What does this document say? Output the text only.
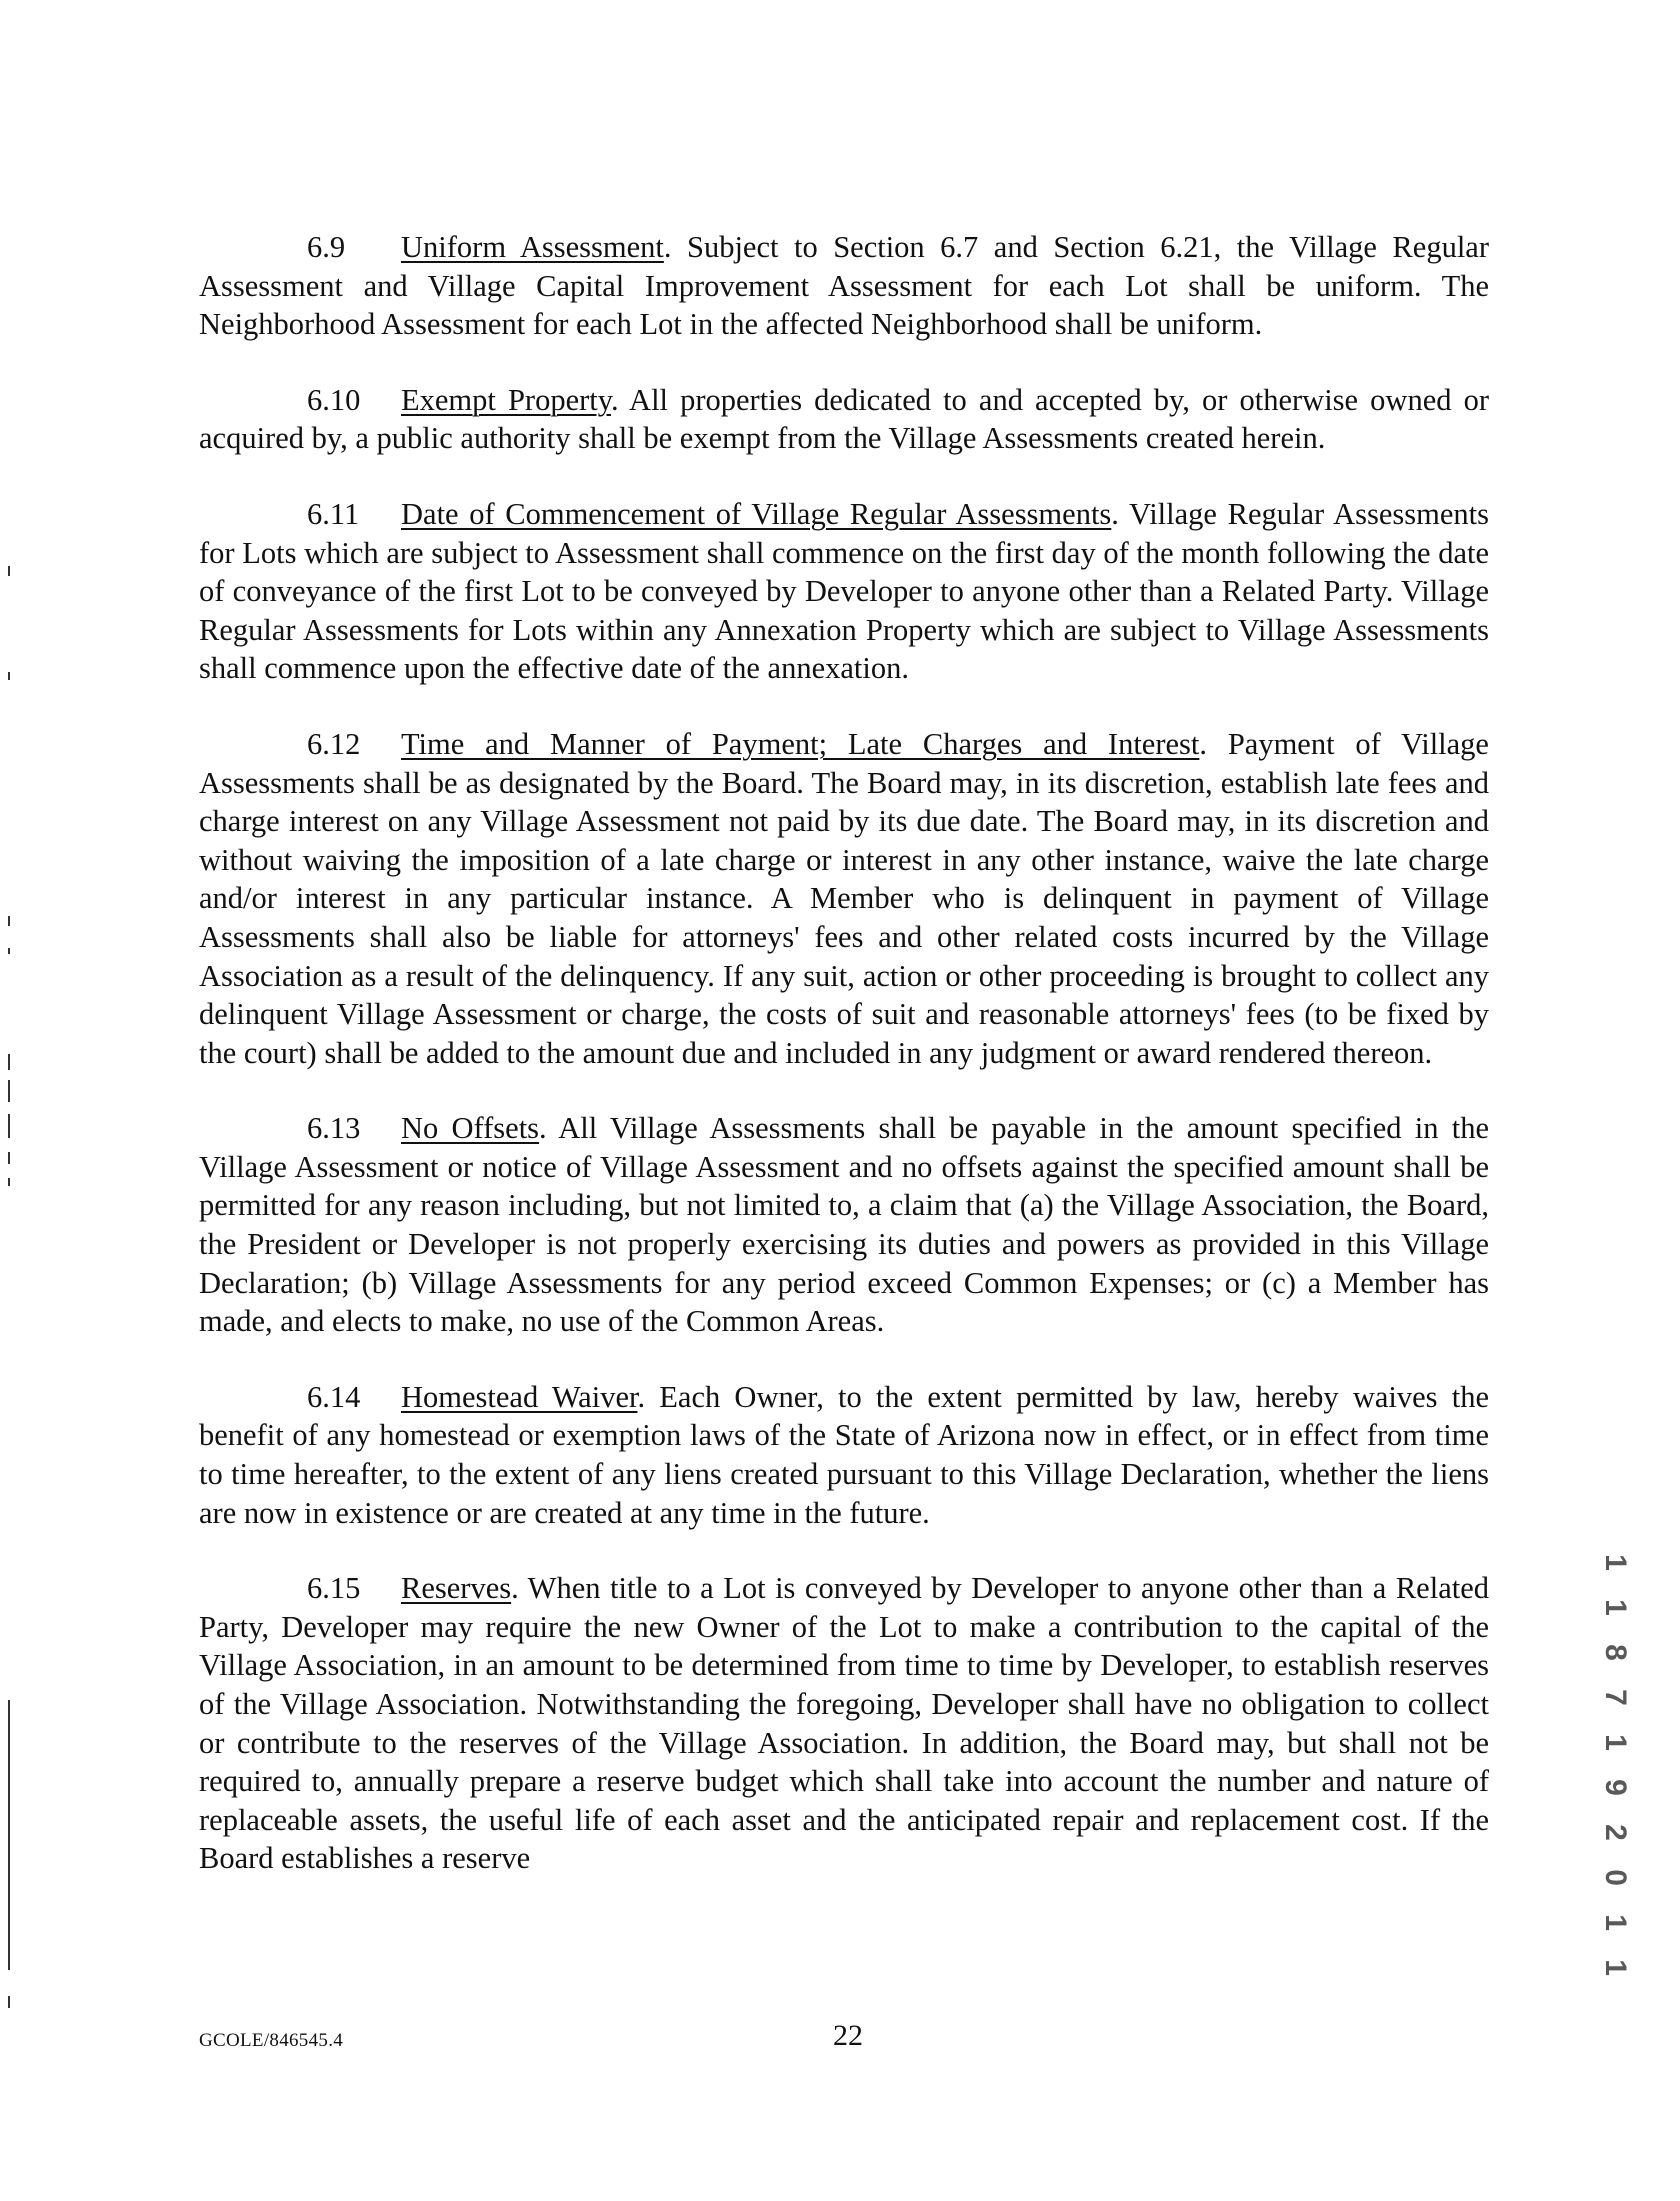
6.9 Uniform Assessment. Subject to Section 6.7 and Section 6.21, the Village Regular Assessment and Village Capital Improvement Assessment for each Lot shall be uniform. The Neighborhood Assessment for each Lot in the affected Neighborhood shall be uniform.

6.10 Exempt Property. All properties dedicated to and accepted by, or otherwise owned or acquired by, a public authority shall be exempt from the Village Assessments created herein.

6.11 Date of Commencement of Village Regular Assessments. Village Regular Assessments for Lots which are subject to Assessment shall commence on the first day of the month following the date of conveyance of the first Lot to be conveyed by Developer to anyone other than a Related Party. Village Regular Assessments for Lots within any Annexation Property which are subject to Village Assessments shall commence upon the effective date of the annexation.

6.12 Time and Manner of Payment; Late Charges and Interest. Payment of Village Assessments shall be as designated by the Board. The Board may, in its discretion, establish late fees and charge interest on any Village Assessment not paid by its due date. The Board may, in its discretion and without waiving the imposition of a late charge or interest in any other instance, waive the late charge and/or interest in any particular instance. A Member who is delinquent in payment of Village Assessments shall also be liable for attorneys' fees and other related costs incurred by the Village Association as a result of the delinquency. If any suit, action or other proceeding is brought to collect any delinquent Village Assessment or charge, the costs of suit and reasonable attorneys' fees (to be fixed by the court) shall be added to the amount due and included in any judgment or award rendered thereon.

6.13 No Offsets. All Village Assessments shall be payable in the amount specified in the Village Assessment or notice of Village Assessment and no offsets against the specified amount shall be permitted for any reason including, but not limited to, a claim that (a) the Village Association, the Board, the President or Developer is not properly exercising its duties and powers as provided in this Village Declaration; (b) Village Assessments for any period exceed Common Expenses; or (c) a Member has made, and elects to make, no use of the Common Areas.

6.14 Homestead Waiver. Each Owner, to the extent permitted by law, hereby waives the benefit of any homestead or exemption laws of the State of Arizona now in effect, or in effect from time to time hereafter, to the extent of any liens created pursuant to this Village Declaration, whether the liens are now in existence or are created at any time in the future.

6.15 Reserves. When title to a Lot is conveyed by Developer to anyone other than a Related Party, Developer may require the new Owner of the Lot to make a contribution to the capital of the Village Association, in an amount to be determined from time to time by Developer, to establish reserves of the Village Association. Notwithstanding the foregoing, Developer shall have no obligation to collect or contribute to the reserves of the Village Association. In addition, the Board may, but shall not be required to, annually prepare a reserve budget which shall take into account the number and nature of replaceable assets, the useful life of each asset and the anticipated repair and replacement cost. If the Board establishes a reserve	1 1 8 7 1 9 2 0 1 1
GCOLE/846545.4	22
